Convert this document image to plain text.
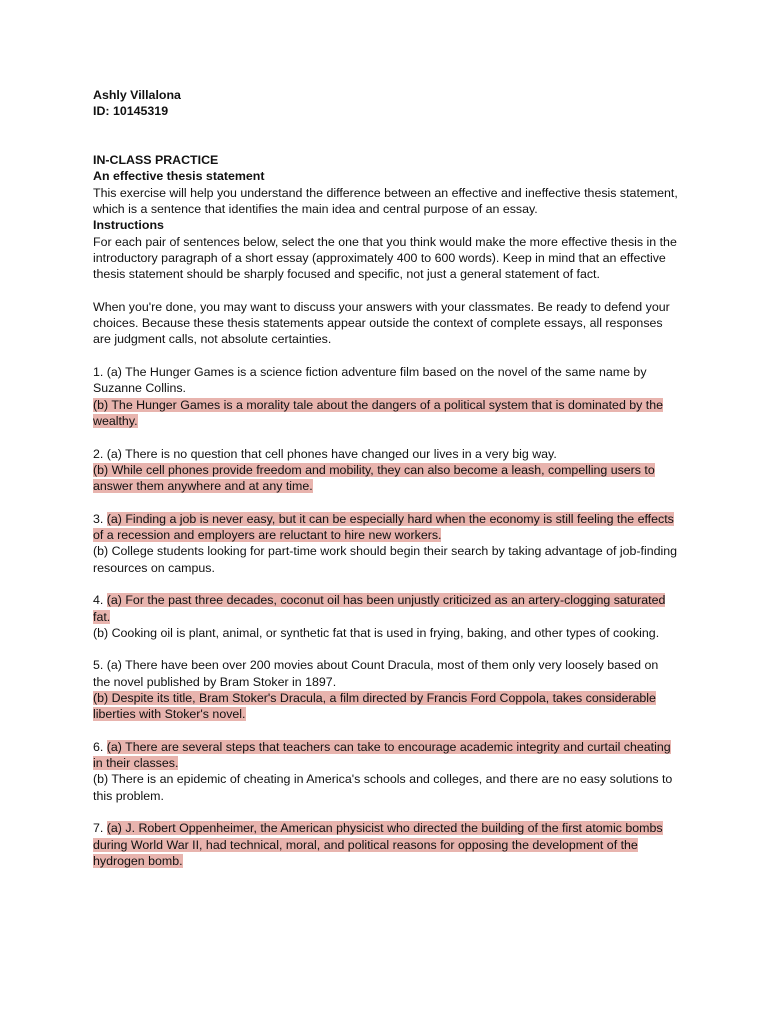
Ashly Villalona
ID: 10145319
IN-CLASS PRACTICE
An effective thesis statement

This exercise will help you understand the difference between an effective and ineffective thesis statement, which is a sentence that identifies the main idea and central purpose of an essay.

Instructions

For each pair of sentences below, select the one that you think would make the more effective thesis in the introductory paragraph of a short essay (approximately 400 to 600 words). Keep in mind that an effective thesis statement should be sharply focused and specific, not just a general statement of fact.

When you're done, you may want to discuss your answers with your classmates. Be ready to defend your choices. Because these thesis statements appear outside the context of complete essays, all responses are judgment calls, not absolute certainties.

1. (a) The Hunger Games is a science fiction adventure film based on the novel of the same name by Suzanne Collins.

(b) The Hunger Games is a morality tale about the dangers of a political system that is dominated by the wealthy.

2. (a) There is no question that cell phones have changed our lives in a very big way.

(b) While cell phones provide freedom and mobility, they can also become a leash, compelling users to answer them anywhere and at any time.

3. (a) Finding a job is never easy, but it can be especially hard when the economy is still feeling the effects of a recession and employers are reluctant to hire new workers.

(b) College students looking for part-time work should begin their search by taking advantage of job-finding resources on campus.

4. (a) For the past three decades, coconut oil has been unjustly criticized as an artery-clogging saturated fat.

(b) Cooking oil is plant, animal, or synthetic fat that is used in frying, baking, and other types of cooking.

5. (a) There have been over 200 movies about Count Dracula, most of them only very loosely based on the novel published by Bram Stoker in 1897.

(b) Despite its title, Bram Stoker's Dracula, a film directed by Francis Ford Coppola, takes considerable liberties with Stoker's novel.

6. (a) There are several steps that teachers can take to encourage academic integrity and curtail cheating in their classes.

(b) There is an epidemic of cheating in America's schools and colleges, and there are no easy solutions to this problem.

7. (a) J. Robert Oppenheimer, the American physicist who directed the building of the first atomic bombs during World War II, had technical, moral, and political reasons for opposing the development of the hydrogen bomb.
